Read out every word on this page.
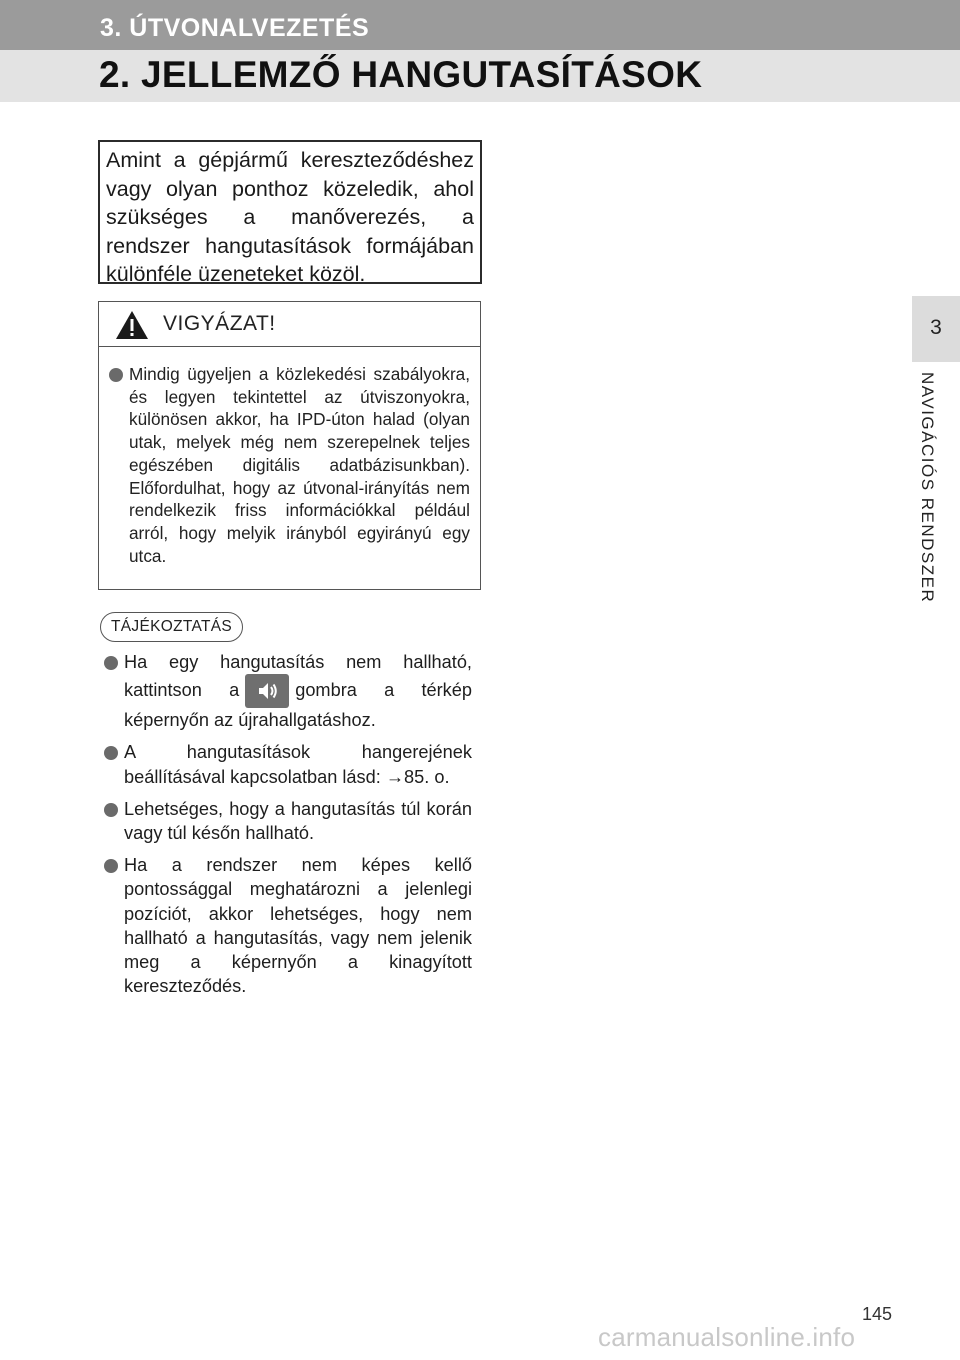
3. ÚTVONALVEZETÉS
2. JELLEMZŐ HANGUTASÍTÁSOK
Amint a gépjármű kereszteződéshez vagy olyan ponthoz közeledik, ahol szükséges a manőverezés, a rendszer hangutasítások formájában különféle üzeneteket közöl.
VIGYÁZAT!
Mindig ügyeljen a közlekedési szabályokra, és legyen tekintettel az útviszonyokra, különösen akkor, ha IPD-úton halad (olyan utak, melyek még nem szerepelnek teljes egészében digitális adatbázisunkban). Előfordulhat, hogy az útvonal-irányítás nem rendelkezik friss információkkal például arról, hogy melyik irányból egyirányú egy utca.
TÁJÉKOZTATÁS
Ha egy hangutasítás nem hallható, kattintson a	gombra a térkép képernyőn az újrahallgatáshoz.
A hangutasítások hangerejének beállításával kapcsolatban lásd: →85. o.
Lehetséges, hogy a hangutasítás túl korán vagy túl későn hallható.
Ha a rendszer nem képes kellő pontossággal meghatározni a jelenlegi pozíciót, akkor lehetséges, hogy nem hallható a hangutasítás, vagy nem jelenik meg a képernyőn a kinagyított kereszteződés.
3
NAVIGÁCIÓS RENDSZER
145
carmanualsonline.info
